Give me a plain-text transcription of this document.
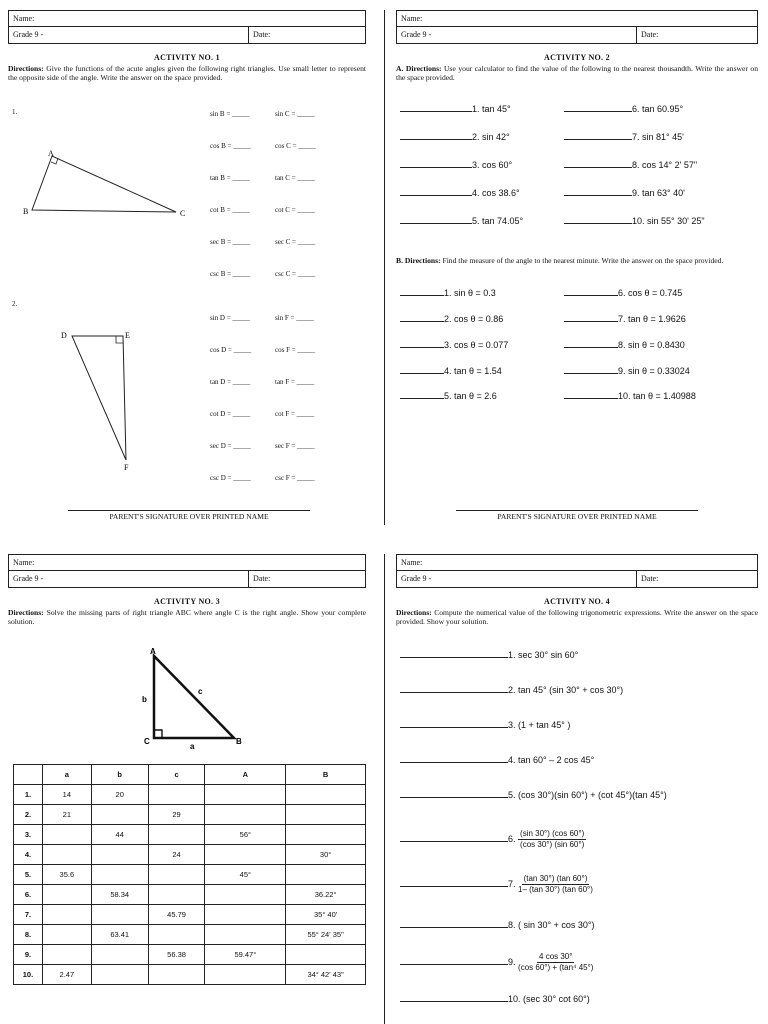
Name:
Grade 9 -	Date:
ACTIVITY NO. 1
Directions: Give the functions of the acute angles given the following right triangles. Use small letter to represent the opposite side of the angle. Write the answer on the space provided.
1.
2.
A
B	C
D	E
F
sin B = _____	sin C = _____
cos B = _____	cos C = _____
tan B = _____	tan C = _____
cot B = _____	cot C = _____
sec B = _____	sec C = _____
csc B = _____	csc C = _____
sin D = _____	sin F = _____
cos D = _____	cos F = _____
tan D = _____	tan F = _____
cot D = _____	cot F = _____
sec D = _____	sec F = _____
csc D = _____	csc F = _____
PARENT'S SIGNATURE OVER PRINTED NAME
Name:
Grade 9 -	Date:
ACTIVITY NO. 2
A. Directions: Use your calculator to find the value of the following to the nearest thousandth. Write the answer on the space provided.
1. tan 45°	6. tan 60.95°
2. sin 42°	7. sin 81° 45'
3. cos 60°	8. cos 14° 2' 57"
4. cos 38.6°	9. tan 63° 40'
5. tan 74.05°	10. sin 55° 30' 25"
B. Directions: Find the measure of the angle to the nearest minute. Write the answer on the space provided.
1. sin θ = 0.3	6. cos θ = 0.745
2. cos θ = 0.86	7. tan θ = 1.9626
3. cos θ = 0.077	8. sin θ = 0.8430
4. tan θ = 1.54	9. sin θ = 0.33024
5. tan θ = 2.6	10. tan θ = 1.40988
PARENT'S SIGNATURE OVER PRINTED NAME
Name:
Grade 9 -	Date:
ACTIVITY NO. 3
Directions: Solve the missing parts of right triangle ABC where angle C is the right angle. Show your complete solution.
A
C	B
b
c
a
	a	b	c	A	B
1.	14	20			
2.	21		29		
3.		44		56°	
4.			24		30°
5.	35.6			45°	
6.		58.34			36.22°
7.			45.79		35° 40'
8.		63.41			55° 24' 35"
9.			56.38	59.47°	
10.	2.47				34° 42' 43"
Name:
Grade 9 -	Date:
ACTIVITY NO. 4
Directions: Compute the numerical value of the following trigonometric expressions. Write the answer on the space provided. Show your solution.
1. sec 30° sin 60°
2. tan 45° (sin 30° + cos 30°)
3. (1 + tan 45° )
4. tan 60° – 2 cos 45°
5. (cos 30°)(sin 60°) + (cot 45°)(tan 45°)
6. $\frac{(\sin 30^\circ) (\cos 60^\circ)}{(\cos 30^\circ) (\sin 60^\circ)}$
7. $\frac{(\tan 30^\circ) (\tan 60^\circ)}{1- (\tan 30^\circ) (\tan 60^\circ)}$
8. ( sin 30° + cos 30°)
9. $\frac{4 \cos 30^\circ}{\text{(cos 60°) + (tan⁴ 45°)}}$
10. (sec 30° cot 60°)
